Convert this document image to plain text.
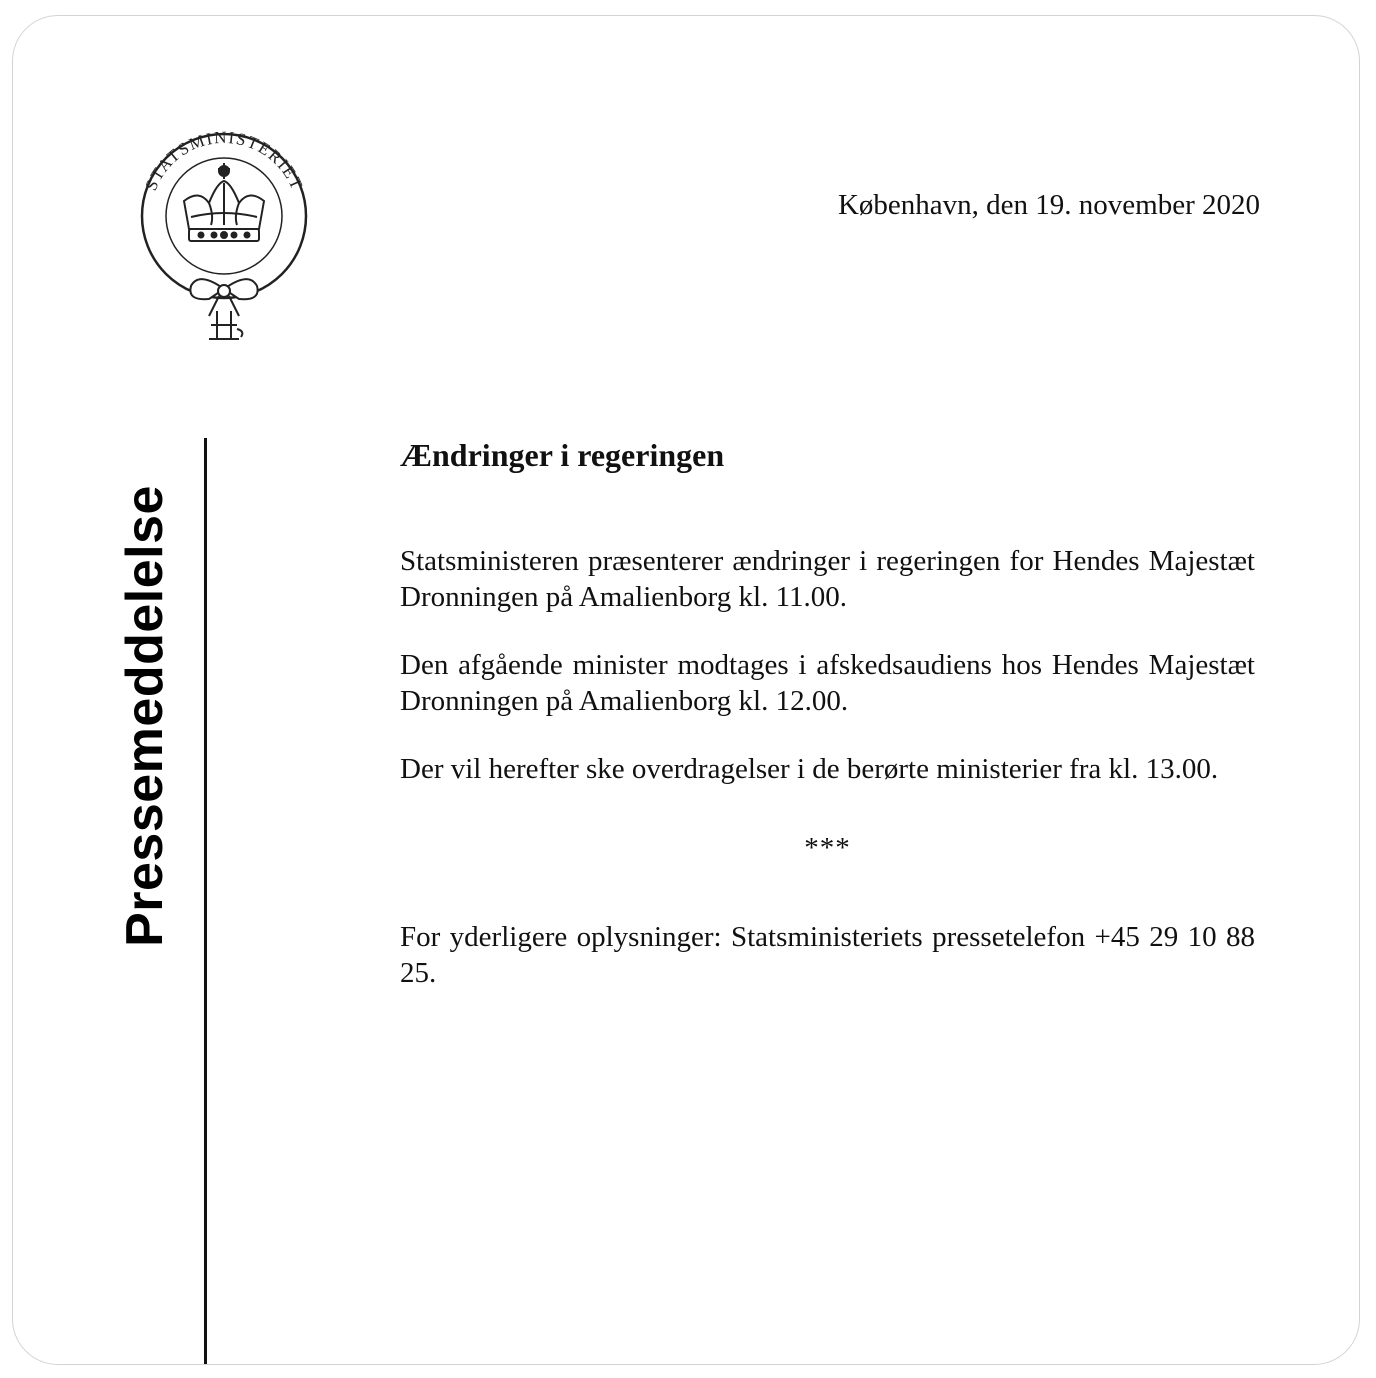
STATSMINISTERIET
København, den 19. november 2020
Pressemeddelelse
Ændringer i regeringen

Statsministeren præsenterer ændringer i regeringen for Hendes Majestæt Dronningen på Amalienborg kl. 11.00.

Den afgående minister modtages i afskedsaudiens hos Hendes Majestæt Dronningen på Amalienborg kl. 12.00.

Der vil herefter ske overdragelser i de berørte ministerier fra kl. 13.00.

***

For yderligere oplysninger: Statsministeriets pressetelefon +45 29 10 88 25.
